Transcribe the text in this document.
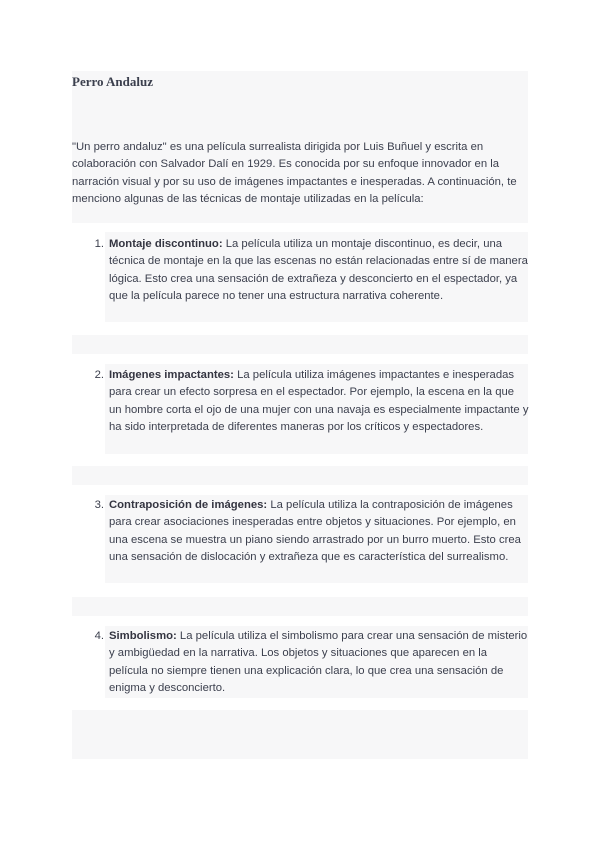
Perro Andaluz
"Un perro andaluz" es una película surrealista dirigida por Luis Buñuel y escrita en colaboración con Salvador Dalí en 1929. Es conocida por su enfoque innovador en la narración visual y por su uso de imágenes impactantes e inesperadas. A continuación, te menciono algunas de las técnicas de montaje utilizadas en la película:
1. Montaje discontinuo: La película utiliza un montaje discontinuo, es decir, una técnica de montaje en la que las escenas no están relacionadas entre sí de manera lógica. Esto crea una sensación de extrañeza y desconcierto en el espectador, ya que la película parece no tener una estructura narrativa coherente.
2. Imágenes impactantes: La película utiliza imágenes impactantes e inesperadas para crear un efecto sorpresa en el espectador. Por ejemplo, la escena en la que un hombre corta el ojo de una mujer con una navaja es especialmente impactante y ha sido interpretada de diferentes maneras por los críticos y espectadores.
3. Contraposición de imágenes: La película utiliza la contraposición de imágenes para crear asociaciones inesperadas entre objetos y situaciones. Por ejemplo, en una escena se muestra un piano siendo arrastrado por un burro muerto. Esto crea una sensación de dislocación y extrañeza que es característica del surrealismo.
4. Simbolismo: La película utiliza el simbolismo para crear una sensación de misterio y ambigüedad en la narrativa. Los objetos y situaciones que aparecen en la película no siempre tienen una explicación clara, lo que crea una sensación de enigma y desconcierto.
